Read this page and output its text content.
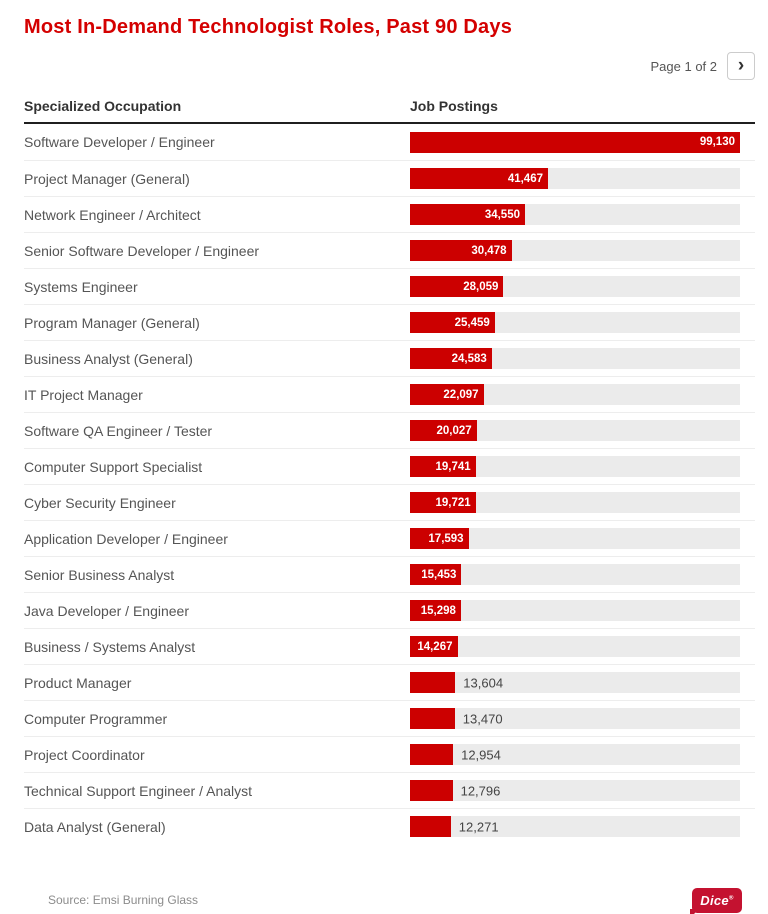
Most In-Demand Technologist Roles, Past 90 Days
Page 1 of 2 ›
Specialized Occupation	Job Postings
Software Developer / Engineer	99,130
Project Manager (General)	41,467
Network Engineer / Architect	34,550
Senior Software Developer / Engineer	30,478
Systems Engineer	28,059
Program Manager (General)	25,459
Business Analyst (General)	24,583
IT Project Manager	22,097
Software QA Engineer / Tester	20,027
Computer Support Specialist	19,741
Cyber Security Engineer	19,721
Application Developer / Engineer	17,593
Senior Business Analyst	15,453
Java Developer / Engineer	15,298
Business / Systems Analyst	14,267
Product Manager	13,604
Computer Programmer	13,470
Project Coordinator	12,954
Technical Support Engineer / Analyst	12,796
Data Analyst (General)	12,271
Source: Emsi Burning Glass	Dice®
